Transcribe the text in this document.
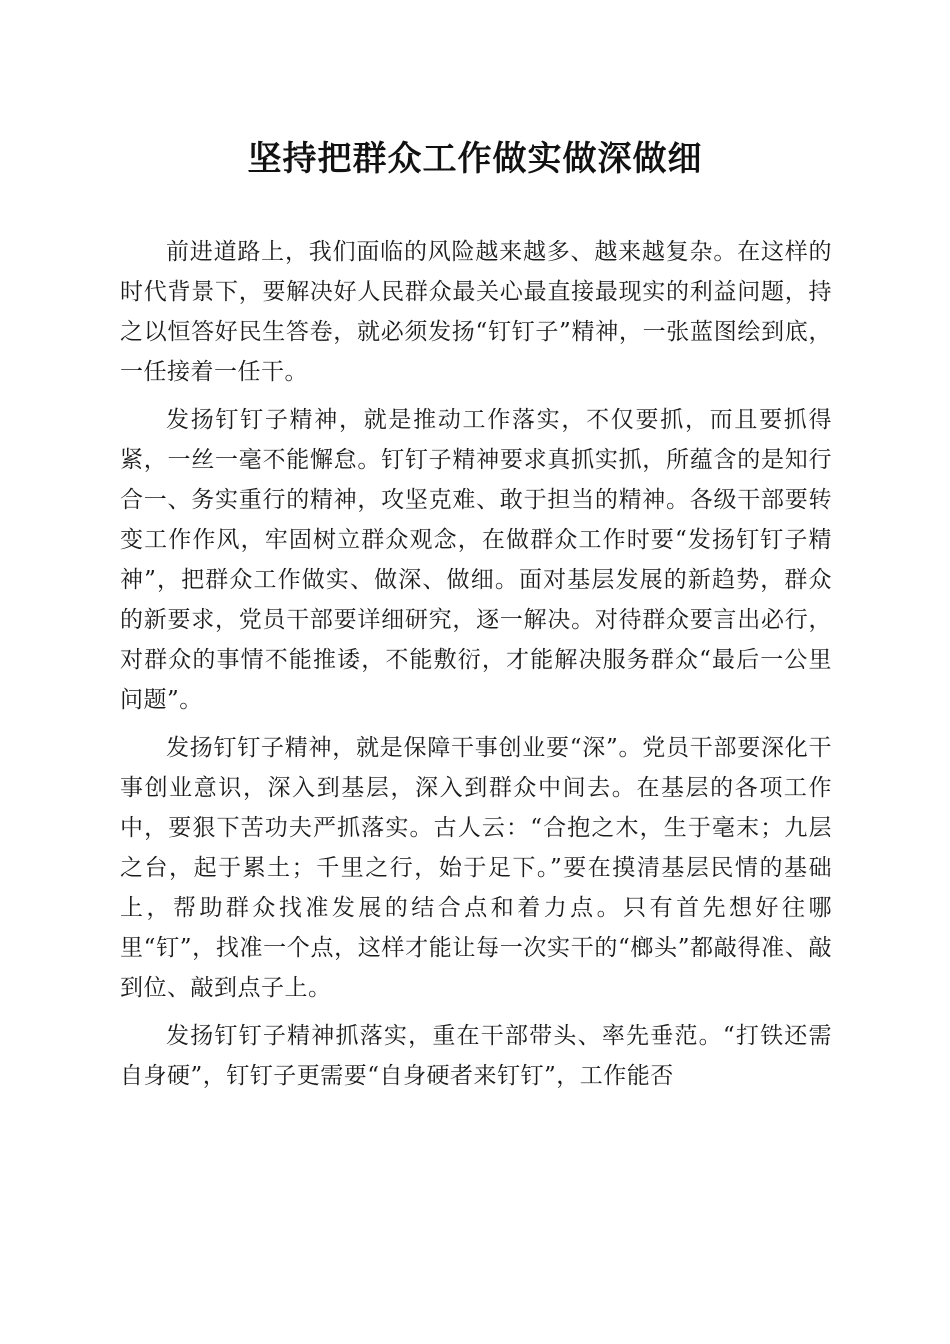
坚持把群众工作做实做深做细

前进道路上，我们面临的风险越来越多、越来越复杂。在这样的时代背景下，要解决好人民群众最关心最直接最现实的利益问题，持之以恒答好民生答卷，就必须发扬“钉钉子”精神，一张蓝图绘到底，一任接着一任干。

发扬钉钉子精神，就是推动工作落实，不仅要抓，而且要抓得紧，一丝一毫不能懈怠。钉钉子精神要求真抓实抓，所蕴含的是知行合一、务实重行的精神，攻坚克难、敢于担当的精神。各级干部要转变工作作风，牢固树立群众观念，在做群众工作时要“发扬钉钉子精神”，把群众工作做实、做深、做细。面对基层发展的新趋势，群众的新要求，党员干部要详细研究，逐一解决。对待群众要言出必行，对群众的事情不能推诿，不能敷衍，才能解决服务群众“最后一公里问题”。

发扬钉钉子精神，就是保障干事创业要“深”。党员干部要深化干事创业意识，深入到基层，深入到群众中间去。在基层的各项工作中，要狠下苦功夫严抓落实。古人云：“合抱之木，生于毫末；九层之台，起于累土；千里之行，始于足下。”要在摸清基层民情的基础上，帮助群众找准发展的结合点和着力点。只有首先想好往哪里“钉”，找准一个点，这样才能让每一次实干的“榔头”都敲得准、敲到位、敲到点子上。

发扬钉钉子精神抓落实，重在干部带头、率先垂范。“打铁还需自身硬”，钉钉子更需要“自身硬者来钉钉”，工作能否
